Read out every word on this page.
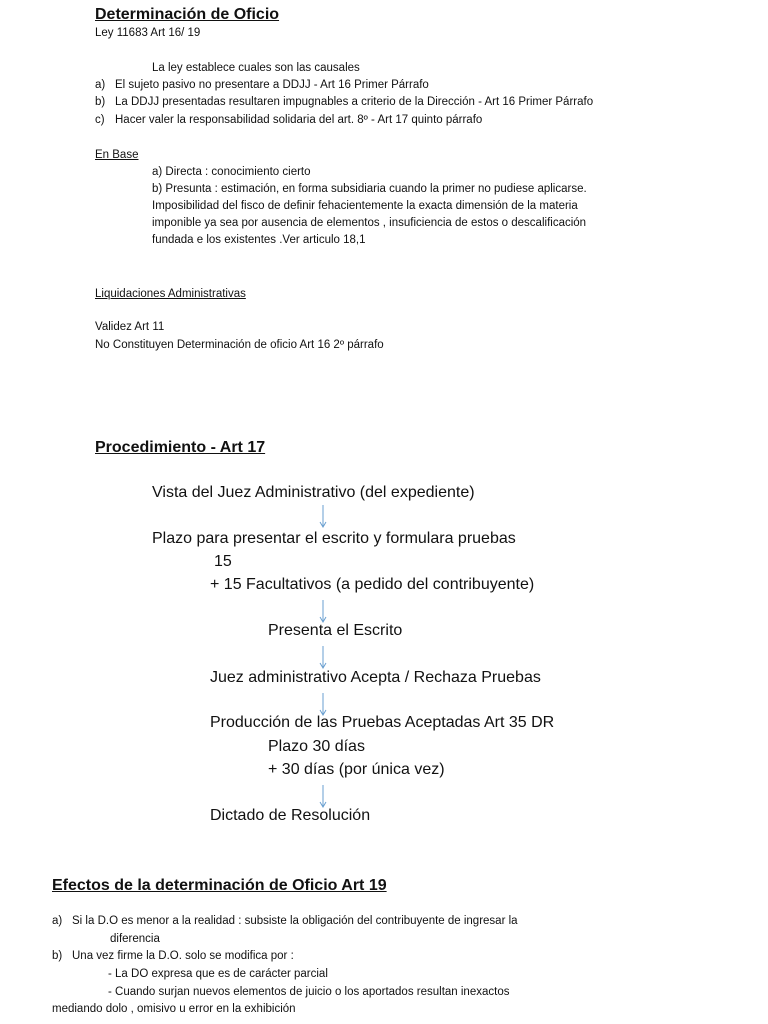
Determinación de Oficio
Ley 11683 Art 16/ 19
La ley establece cuales son las causales
a) El sujeto pasivo no presentare a DDJJ - Art 16 Primer Párrafo
b) La DDJJ presentadas resultaren impugnables a criterio de la Dirección - Art 16 Primer Párrafo
c) Hacer valer la responsabilidad solidaria del art. 8º - Art 17 quinto párrafo
En Base
a) Directa : conocimiento cierto
b) Presunta : estimación, en forma subsidiaria cuando la primer no pudiese aplicarse.
Imposibilidad del fisco de definir fehacientemente la exacta dimensión de la materia
imponible ya sea por ausencia de elementos , insuficiencia de estos o descalificación
fundada e los existentes .Ver articulo 18,1
Liquidaciones Administrativas
Validez Art 11
No Constituyen Determinación de oficio Art 16 2º párrafo
Procedimiento - Art 17
Vista del Juez Administrativo (del expediente)
Plazo para presentar el escrito y formulara pruebas
15
+ 15 Facultativos (a pedido del contribuyente)
Presenta el Escrito
Juez administrativo Acepta / Rechaza Pruebas
Producción de las Pruebas Aceptadas Art 35 DR
Plazo 30 días
+ 30 días (por única vez)
Dictado de Resolución
Efectos de la determinación de Oficio Art 19
a) Si la D.O es menor a la realidad : subsiste la obligación del contribuyente de ingresar la
diferencia
b) Una vez firme la D.O. solo se modifica por :
- La DO expresa que es de carácter parcial
- Cuando surjan nuevos elementos de juicio o los aportados resultan inexactos
mediando dolo , omisivo u error en la exhibición
